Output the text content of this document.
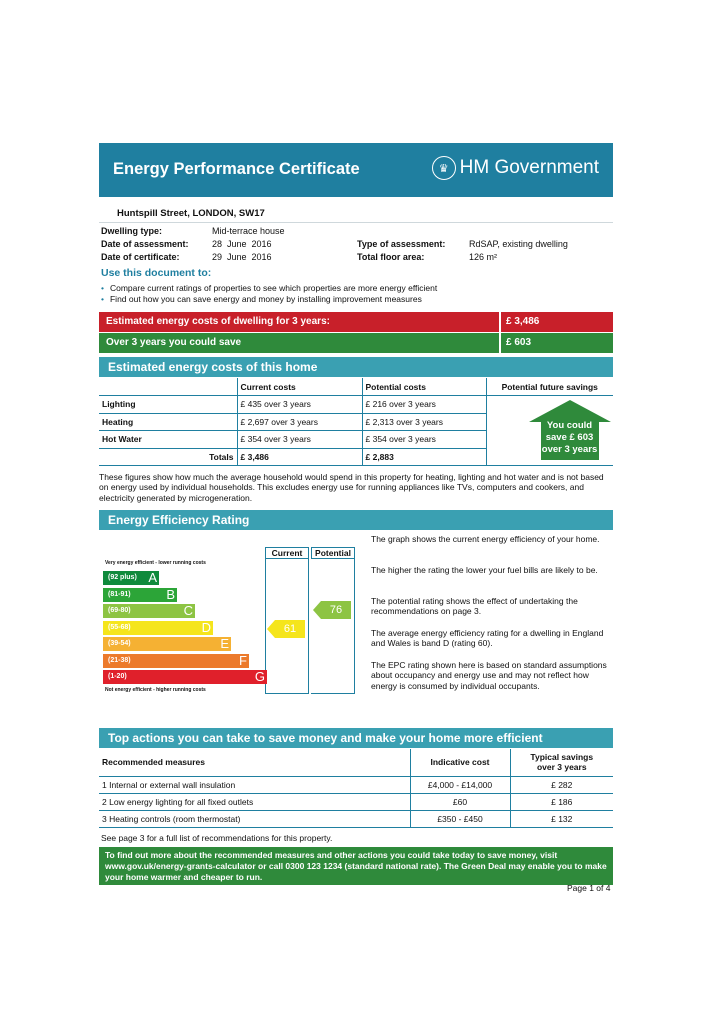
Energy Performance Certificate	♛ HM Government
Huntspill Street, LONDON, SW17
Dwelling type:	Mid-terrace house
Date of assessment:	28  June  2016
Date of certificate:	29  June  2016
Type of assessment:	RdSAP, existing dwelling
Total floor area:	126 m²
Use this document to:
• Compare current ratings of properties to see which properties are more energy efficient
• Find out how you can save energy and money by installing improvement measures
Estimated energy costs of dwelling for 3 years:	£ 3,486
Over 3 years you could save	£ 603
Estimated energy costs of this home
	Current costs	Potential costs	Potential future savings
Lighting	£ 435 over 3 years	£ 216 over 3 years	You could
save £ 603
over 3 years

Heating	£ 2,697 over 3 years	£ 2,313 over 3 years	
Hot Water	£ 354 over 3 years	£ 354 over 3 years	
Totals	£ 3,486	£ 2,883	
These figures show how much the average household would spend in this property for heating, lighting and hot water and is not based on energy used by individual households. This excludes energy use for running appliances like TVs, computers and cookers, and electricity generated by microgeneration.
Energy Efficiency Rating
Current	Potential
Very energy efficient - lower running costs
(92 plus) A
(81-91)	B
(69-80)	C
(55-68)	D
(39-54)	E
(21-38)	F
(1-20)	G
Not energy efficient - higher running costs
61
76
The graph shows the current energy efficiency of your home.
The higher the rating the lower your fuel bills are likely to be.
The potential rating shows the effect of undertaking the recommendations on page 3.
The average energy efficiency rating for a dwelling in England and Wales is band D (rating 60).
The EPC rating shown here is based on standard assumptions about occupancy and energy use and may not reflect how energy is consumed by individual occupants.
Top actions you can take to save money and make your home more efficient
Recommended measures	Indicative cost	Typical savings over 3 years

1 Internal or external wall insulation	£4,000 - £14,000	£ 282
2 Low energy lighting for all fixed outlets	£60	£ 186
3 Heating controls (room thermostat)	£350 - £450	£ 132
See page 3 for a full list of recommendations for this property.
To find out more about the recommended measures and other actions you could take today to save money, visit www.gov.uk/energy-grants-calculator or call 0300 123 1234 (standard national rate). The Green Deal may enable you to make your home warmer and cheaper to run.
Page 1 of 4
